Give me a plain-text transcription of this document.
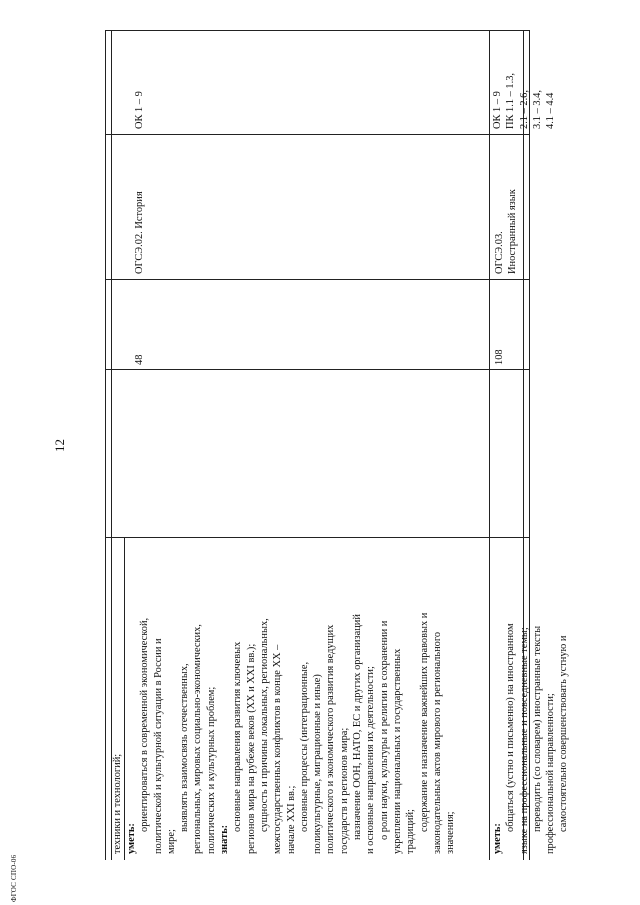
12
ФГОС СПО-06
техники и технологий; уметь:
ориентироваться в современной экономической, политической и культурной ситуации в России и мире;
выявлять взаимосвязь отечественных, региональных, мировых социально-экономических, политических и культурных проблем; знать:
основные направления развития ключевых регионов мира на рубеже веков (XX и XXI вв.); сущность и причины локальных, региональных, межгосударственных конфликтов в конце XX – начале XXI вв.; основные процессы (интеграционные, поликультурные, миграционные и иные) политического и экономического развития ведущих государств и регионов мира; назначение ООН, НАТО, ЕС и других организаций и основные направления их деятельности; о роли науки, культуры и религии в сохранении и укреплении национальных и государственных традиций; содержание и назначение важнейших правовых и законодательных актов мирового и регионального значения;
48
ОГСЭ.02. История
ОК 1 – 9
уметь:
общаться (устно и письменно) на иностранном языке на профессиональные и повседневные темы; переводить (со словарем) иностранные тексты профессиональной направленности; самостоятельно совершенствовать устную и
108
ОГСЭ.03. Иностранный язык
ОК 1 – 9 ПК 1.1 – 1.3, 2.1 – 2.6, 3.1 – 3.4, 4.1 – 4.4
